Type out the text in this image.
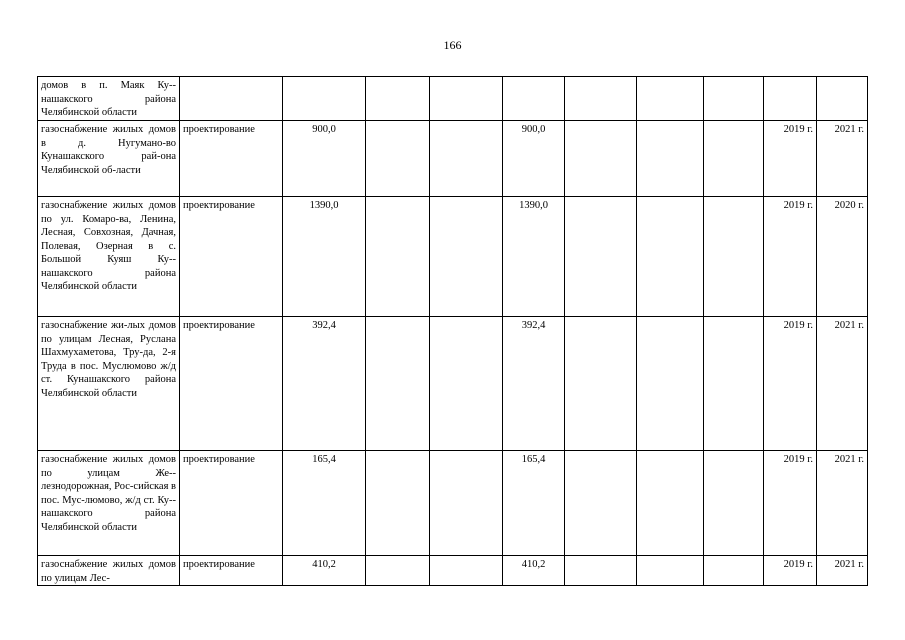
166
домов в п. Маяк Ку-нашакского района Челябинской области										
газоснабжение жилых домов в д. Нугумано-во Кунашакского рай-она Челябинской об-ласти	проектирование	900,0			900,0				2019 г.	2021 г.
газоснабжение жилых домов по ул. Комаро-ва, Ленина, Лесная, Совхозная, Дачная, Полевая, Озерная в с. Большой Куяш Ку-нашакского района Челябинской области	проектирование	1390,0			1390,0				2019 г.	2020 г.
газоснабжение жи-лых домов по улицам Лесная, Руслана Шахмухаметова, Тру-да, 2-я Труда в пос. Муслюмово ж/д ст. Кунашакского района Челябинской области	проектирование	392,4			392,4				2019 г.	2021 г.
газоснабжение жилых домов по улицам Же-лезнодорожная, Рос-сийская в пос. Мус-люмово, ж/д ст. Ку-нашакского района Челябинской области	проектирование	165,4			165,4				2019 г.	2021 г.
газоснабжение жилых домов по улицам Лес-	проектирование	410,2			410,2				2019 г.	2021 г.
